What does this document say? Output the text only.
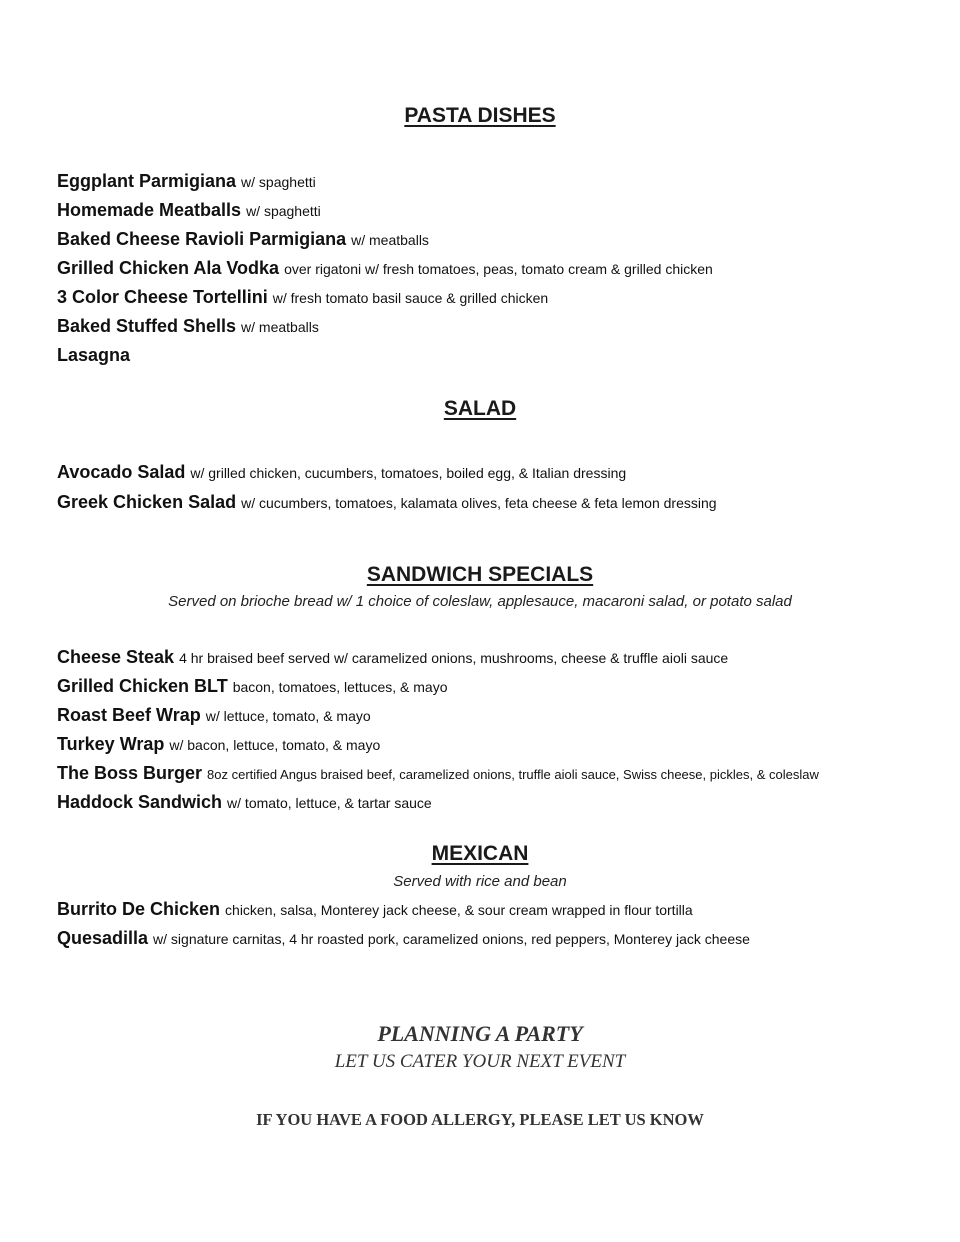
PASTA DISHES
Eggplant Parmigiana w/ spaghetti
Homemade Meatballs w/ spaghetti
Baked Cheese Ravioli Parmigiana w/ meatballs
Grilled Chicken Ala Vodka over rigatoni w/ fresh tomatoes, peas, tomato cream & grilled chicken
3 Color Cheese Tortellini w/ fresh tomato basil sauce & grilled chicken
Baked Stuffed Shells w/ meatballs
Lasagna
SALAD
Avocado Salad w/ grilled chicken, cucumbers, tomatoes, boiled egg, & Italian dressing
Greek Chicken Salad w/ cucumbers, tomatoes, kalamata olives, feta cheese & feta lemon dressing
SANDWICH SPECIALS
Served on brioche bread w/ 1 choice of coleslaw, applesauce, macaroni salad, or potato salad
Cheese Steak 4 hr braised beef served w/ caramelized onions, mushrooms, cheese & truffle aioli sauce
Grilled Chicken BLT bacon, tomatoes, lettuces, & mayo
Roast Beef Wrap w/ lettuce, tomato, & mayo
Turkey Wrap w/ bacon, lettuce, tomato, & mayo
The Boss Burger 8oz certified Angus braised beef, caramelized onions, truffle aioli sauce, Swiss cheese, pickles, & coleslaw
Haddock Sandwich w/ tomato, lettuce, & tartar sauce
MEXICAN
Served with rice and bean
Burrito De Chicken chicken, salsa, Monterey jack cheese, & sour cream wrapped in flour tortilla
Quesadilla w/ signature carnitas, 4 hr roasted pork, caramelized onions, red peppers, Monterey jack cheese
PLANNING A PARTY
LET US CATER YOUR NEXT EVENT
IF YOU HAVE A FOOD ALLERGY, PLEASE LET US KNOW
